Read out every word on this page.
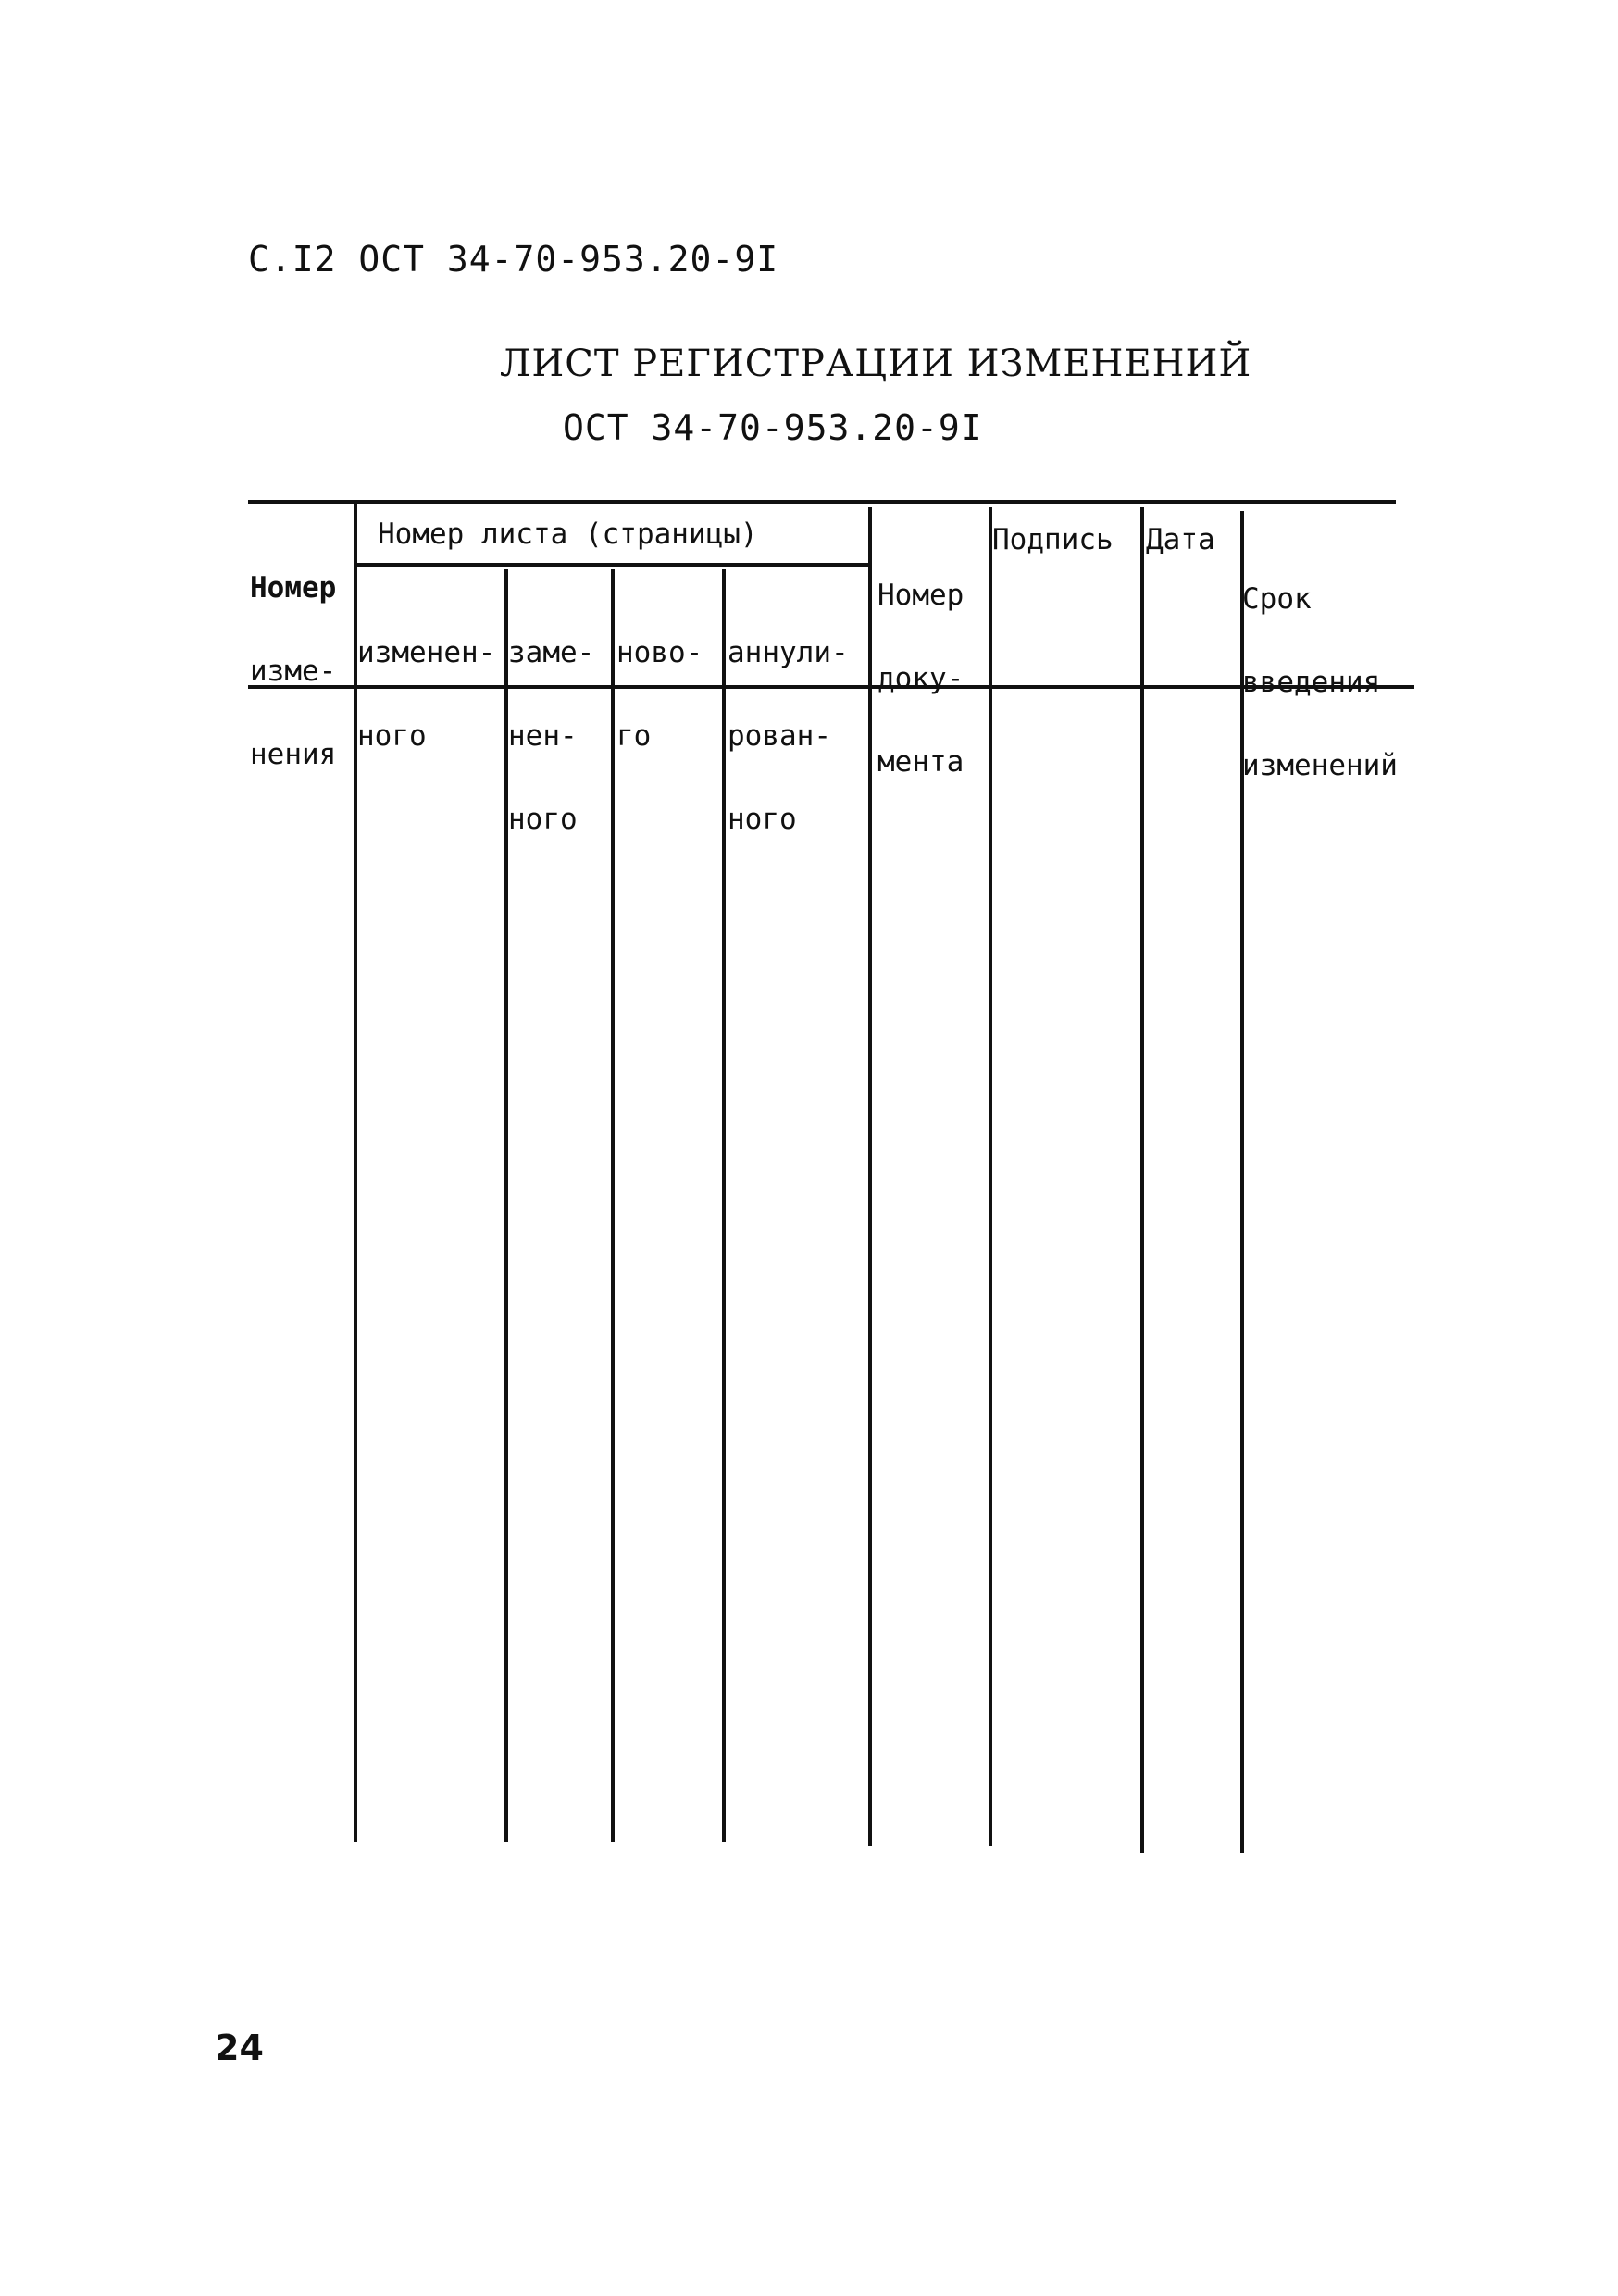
С.I2 ОСТ 34-70-953.20-9I
ЛИСТ РЕГИСТРАЦИИ ИЗМЕНЕНИЙ
ОСТ 34-70-953.20-9I

Номер

изме-

нения

Номер листа (страницы)

изменен-

ного

заме-

нен-

ного

ново-

го

аннули-

рован-

ного

Номер

доку-

мента

Подпись Дата

Срок

введения

изменений

24
